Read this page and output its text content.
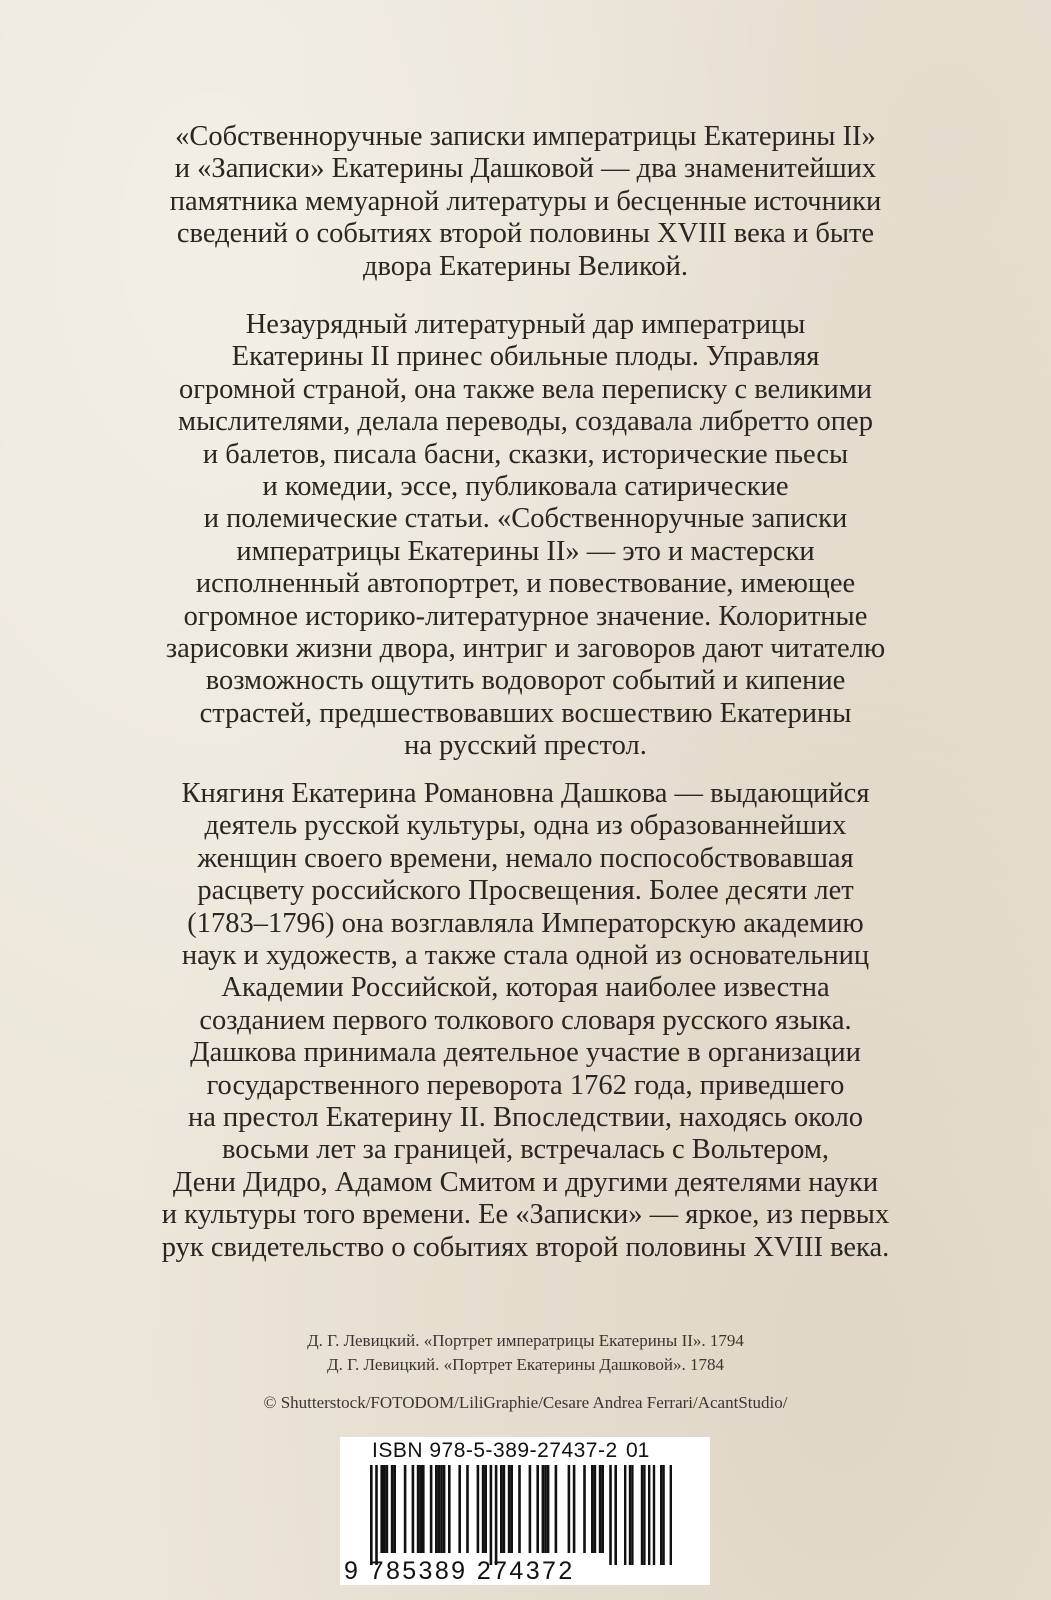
«Собственноручные записки императрицы Екатерины II»
и «Записки» Екатерины Дашковой — два знаменитейших
памятника мемуарной литературы и бесценные источники
сведений о событиях второй половины XVIII века и быте
двора Екатерины Великой.
Незаурядный литературный дар императрицы
Екатерины II принес обильные плоды. Управляя
огромной страной, она также вела переписку с великими
мыслителями, делала переводы, создавала либретто опер
и балетов, писала басни, сказки, исторические пьесы
и комедии, эссе, публиковала сатирические
и полемические статьи. «Собственноручные записки
императрицы Екатерины II» — это и мастерски
исполненный автопортрет, и повествование, имеющее
огромное историко-литературное значение. Колоритные
зарисовки жизни двора, интриг и заговоров дают читателю
возможность ощутить водоворот событий и кипение
страстей, предшествовавших восшествию Екатерины
на русский престол.
Княгиня Екатерина Романовна Дашкова — выдающийся
деятель русской культуры, одна из образованнейших
женщин своего времени, немало поспособствовавшая
расцвету российского Просвещения. Более десяти лет
(1783–1796) она возглавляла Императорскую академию
наук и художеств, а также стала одной из основательниц
Академии Российской, которая наиболее известна
созданием первого толкового словаря русского языка.
Дашкова принимала деятельное участие в организации
государственного переворота 1762 года, приведшего
на престол Екатерину II. Впоследствии, находясь около
восьми лет за границей, встречалась с Вольтером,
Дени Дидро, Адамом Смитом и другими деятелями науки
и культуры того времени. Ее «Записки» — яркое, из первых
рук свидетельство о событиях второй половины XVIII века.
Д. Г. Левицкий. «Портрет императрицы Екатерины II». 1794
Д. Г. Левицкий. «Портрет Екатерины Дашковой». 1784
© Shutterstock/FOTODOM/LiliGraphie/Cesare Andrea Ferrari/AcantStudio/
ISBN 978-5-389-27437-2 01
9 785389 274372
